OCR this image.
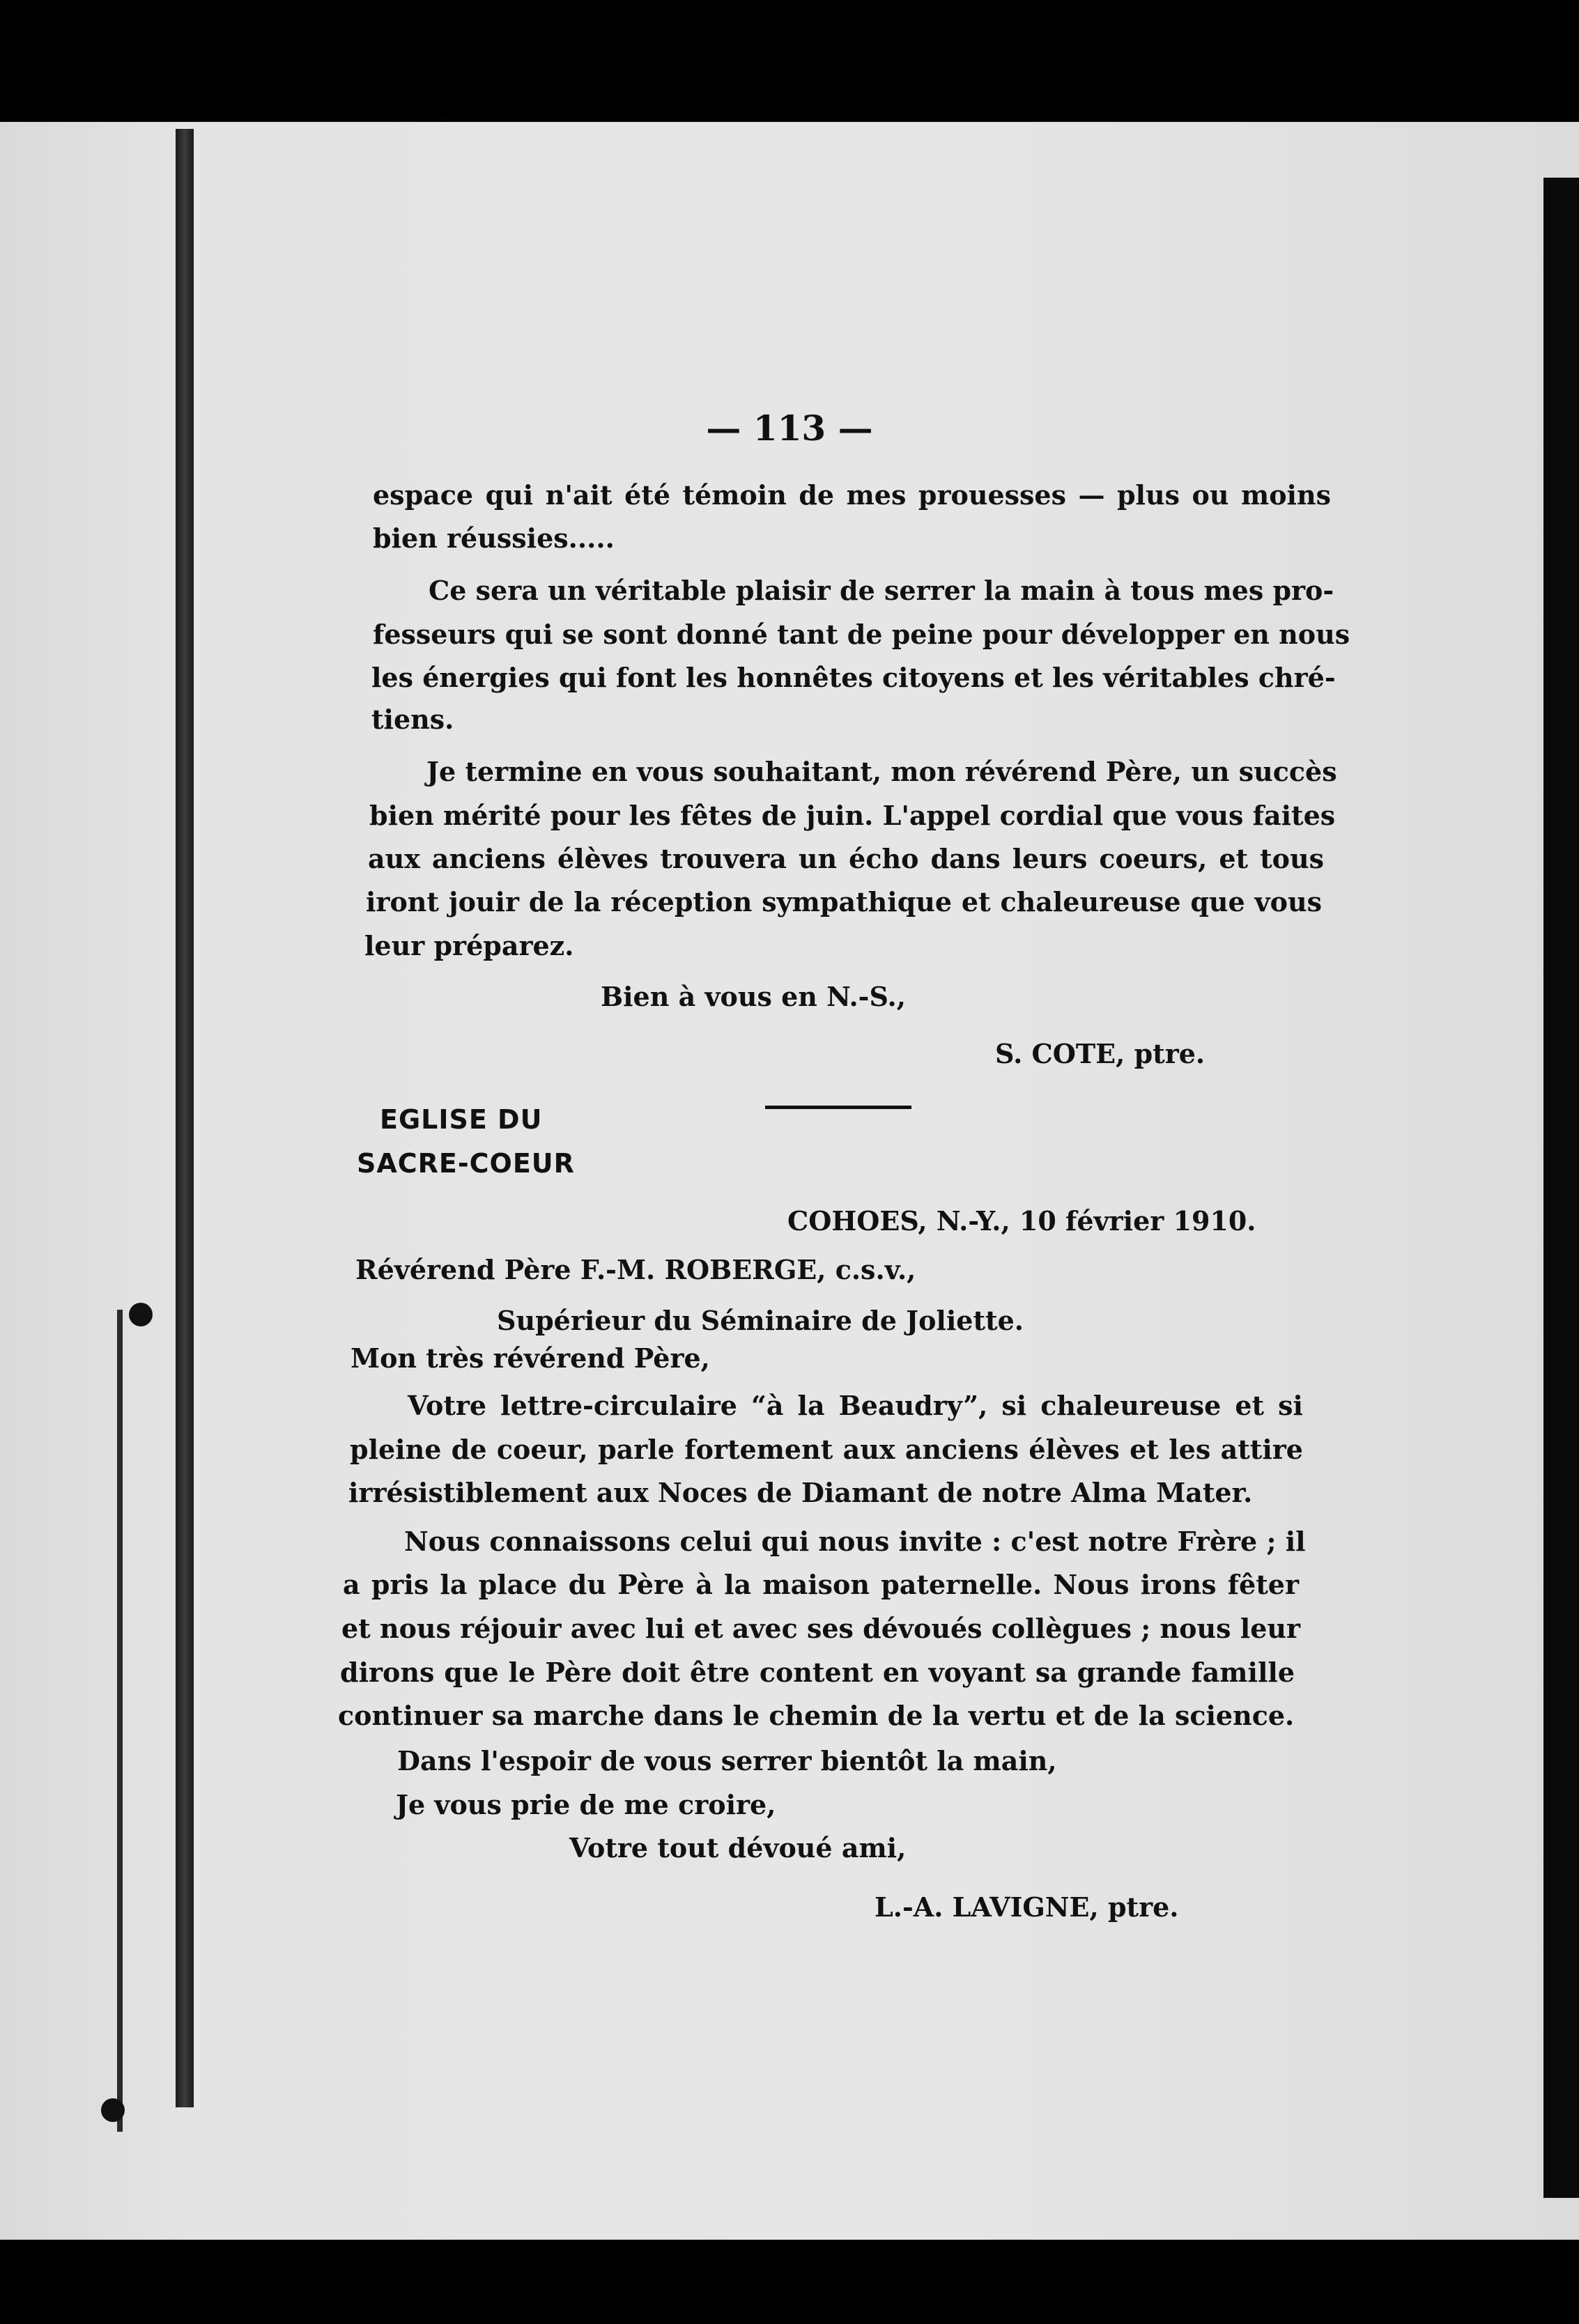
— 113 —
espace qui n'ait été témoin de mes prouesses — plus ou moins
bien réussies.....
Ce sera un véritable plaisir de serrer la main à tous mes pro-
fesseurs qui se sont donné tant de peine pour développer en nous
les énergies qui font les honnêtes citoyens et les véritables chré-
tiens.
Je termine en vous souhaitant, mon révérend Père, un succès
bien mérité pour les fêtes de juin. L'appel cordial que vous faites
aux anciens élèves trouvera un écho dans leurs coeurs, et tous
iront jouir de la réception sympathique et chaleureuse que vous
leur préparez.
Bien à vous en N.-S.,
S. COTE, ptre.
EGLISE DU
SACRE-COEUR
COHOES, N.-Y., 10 février 1910.
Révérend Père F.-M. ROBERGE, c.s.v.,
Supérieur du Séminaire de Joliette.
Mon très révérend Père,
Votre lettre-circulaire “à la Beaudry”, si chaleureuse et si
pleine de coeur, parle fortement aux anciens élèves et les attire
irrésistiblement aux Noces de Diamant de notre Alma Mater.
Nous connaissons celui qui nous invite : c'est notre Frère ; il
a pris la place du Père à la maison paternelle. Nous irons fêter
et nous réjouir avec lui et avec ses dévoués collègues ; nous leur
dirons que le Père doit être content en voyant sa grande famille
continuer sa marche dans le chemin de la vertu et de la science.
Dans l'espoir de vous serrer bientôt la main,
Je vous prie de me croire,
Votre tout dévoué ami,
L.-A. LAVIGNE, ptre.
